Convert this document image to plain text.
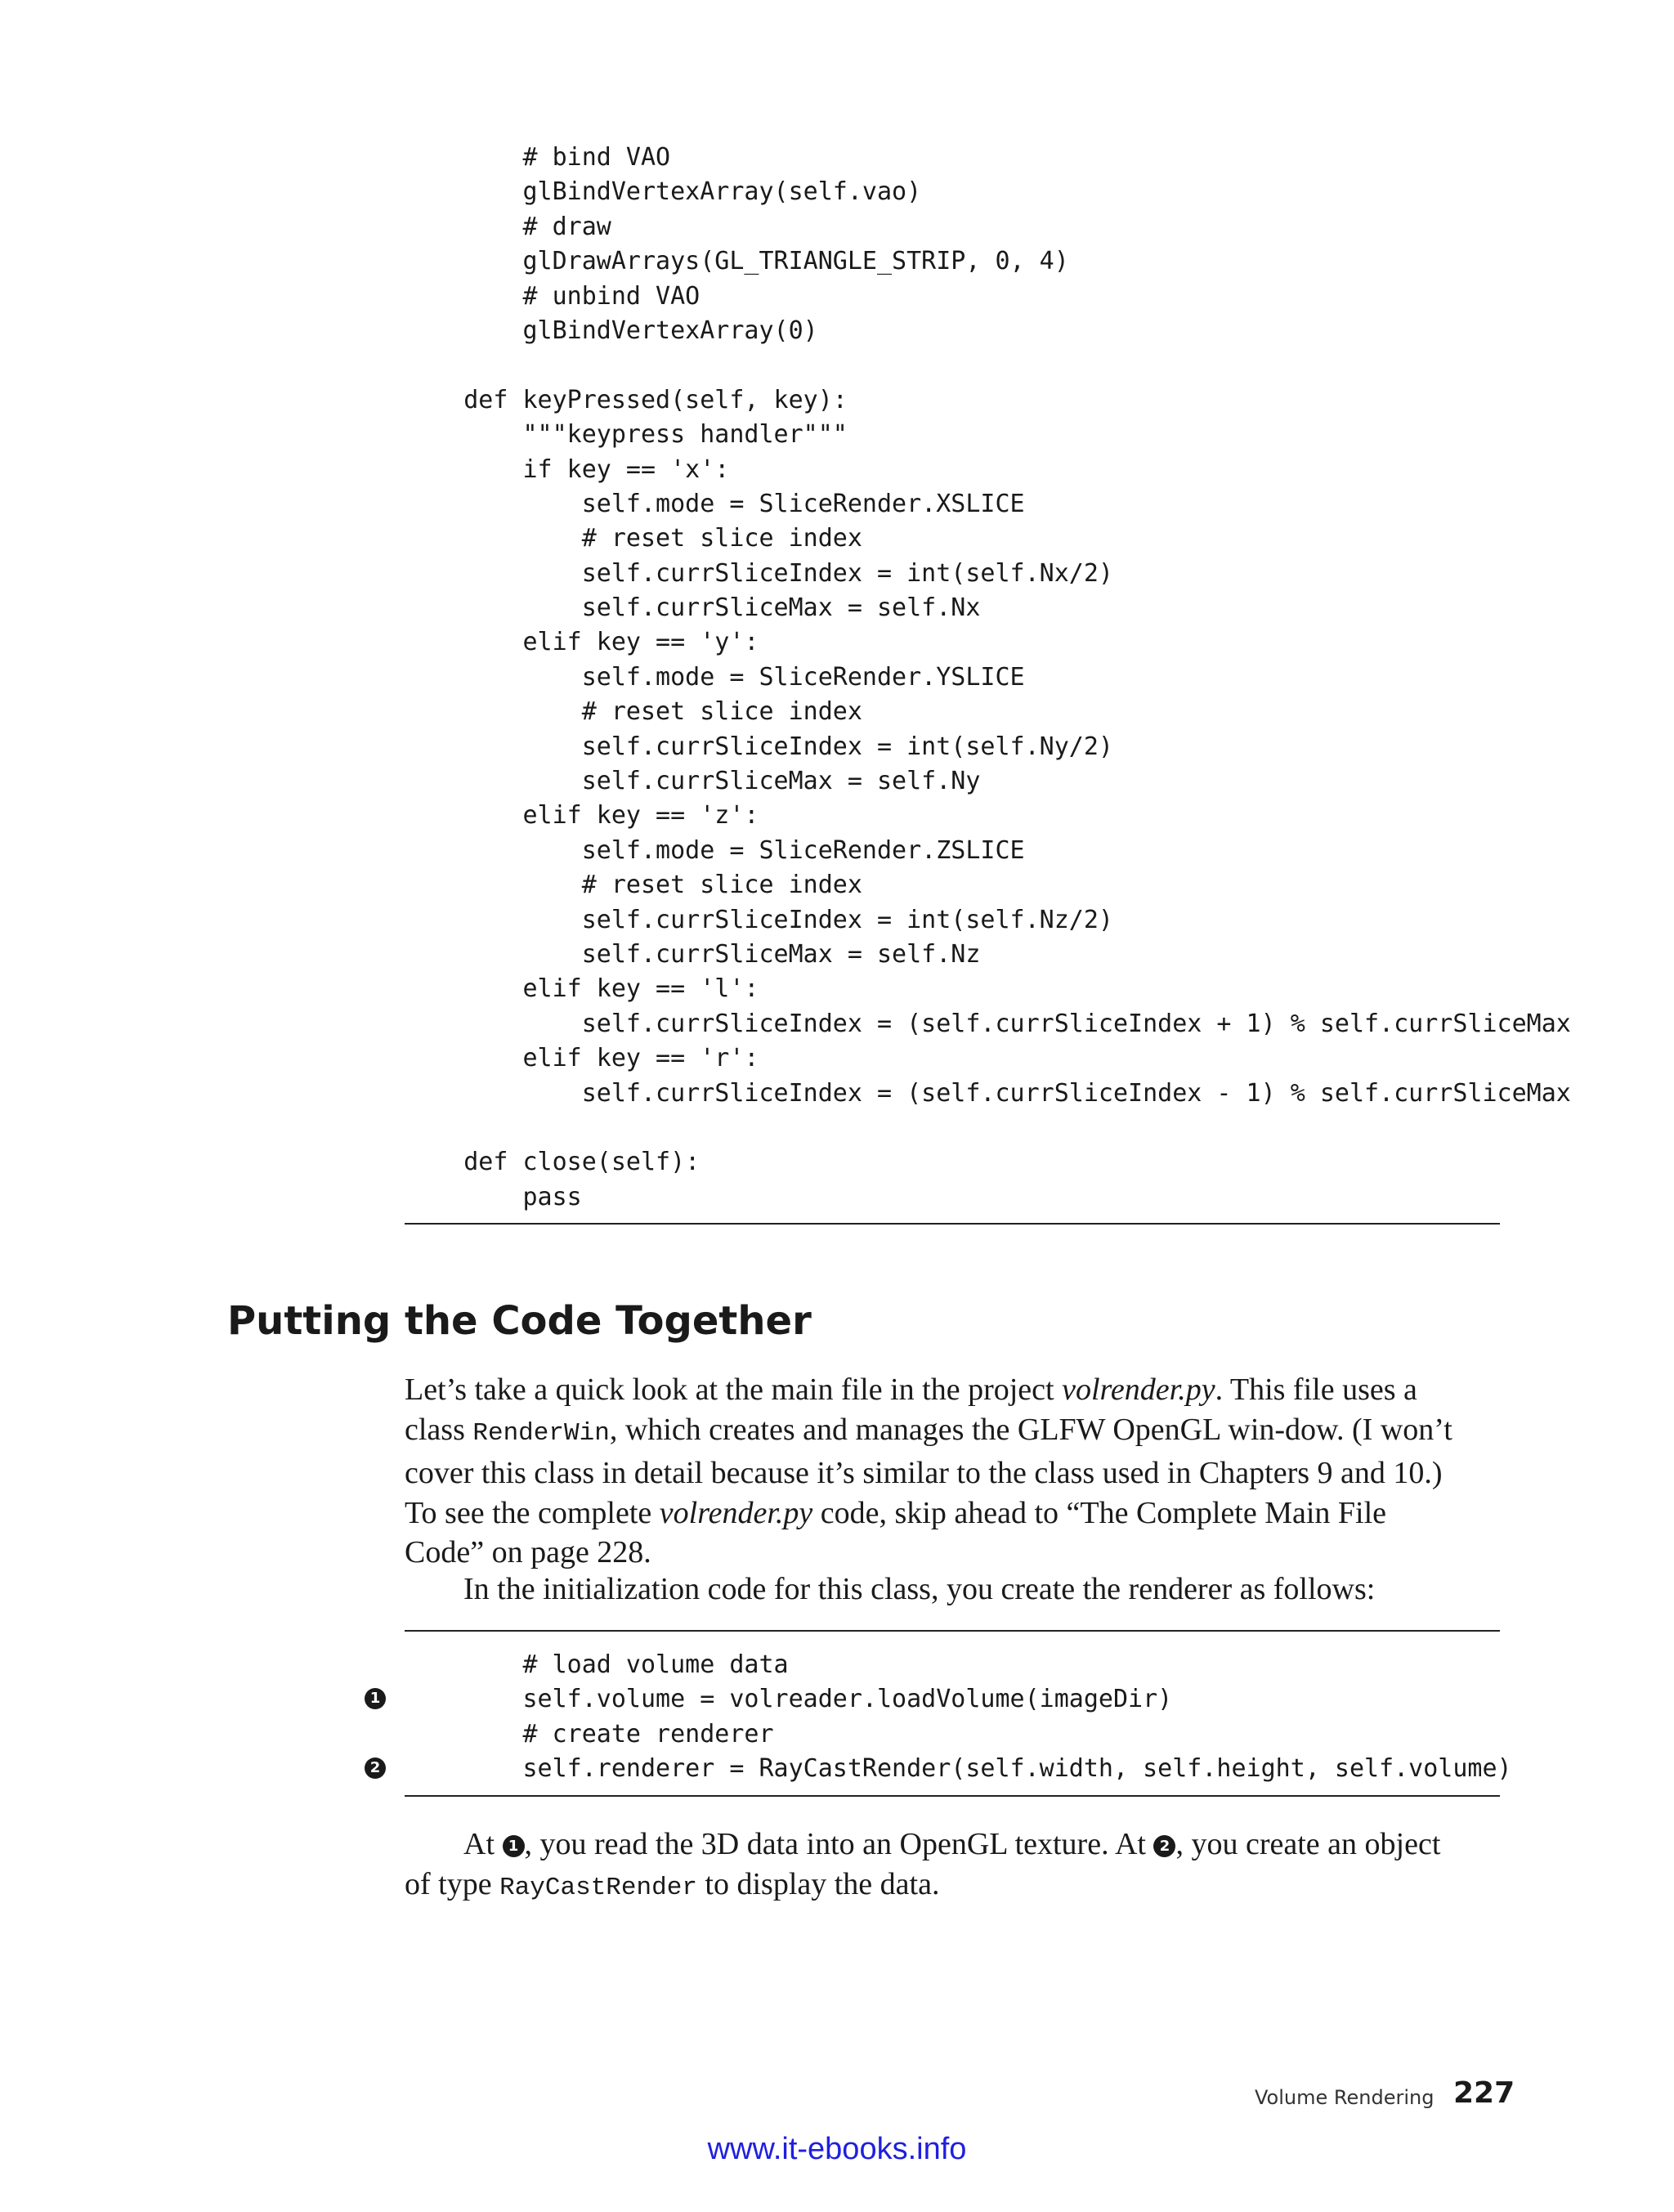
# bind VAO
glBindVertexArray(self.vao)
# draw
glDrawArrays(GL_TRIANGLE_STRIP, 0, 4)
# unbind VAO
glBindVertexArray(0)
def keyPressed(self, key):
"""keypress handler"""
if key == 'x':
self.mode = SliceRender.XSLICE
# reset slice index
self.currSliceIndex = int(self.Nx/2)
self.currSliceMax = self.Nx
elif key == 'y':
self.mode = SliceRender.YSLICE
# reset slice index
self.currSliceIndex = int(self.Ny/2)
self.currSliceMax = self.Ny
elif key == 'z':
self.mode = SliceRender.ZSLICE
# reset slice index
self.currSliceIndex = int(self.Nz/2)
self.currSliceMax = self.Nz
elif key == 'l':
self.currSliceIndex = (self.currSliceIndex + 1) % self.currSliceMax
elif key == 'r':
self.currSliceIndex = (self.currSliceIndex - 1) % self.currSliceMax
def close(self):
pass
Putting the Code Together

Let’s take a quick look at the main file in the project volrender.py. This file uses a class RenderWin, which creates and manages the GLFW OpenGL win-dow. (I won’t cover this class in detail because it’s similar to the class used in Chapters 9 and 10.) To see the complete volrender.py code, skip ahead to “The Complete Main File Code” on page 228.

In the initialization code for this class, you create the renderer as follows:

# load volume data
self.volume = volreader.loadVolume(imageDir)
# create renderer
self.renderer = RayCastRender(self.width, self.height, self.volume)
1
2

At 1 , you read the 3D data into an OpenGL texture. At 2 , you create an object of type RayCastRender to display the data.

Volume Rendering 227
www.it-ebooks.info
